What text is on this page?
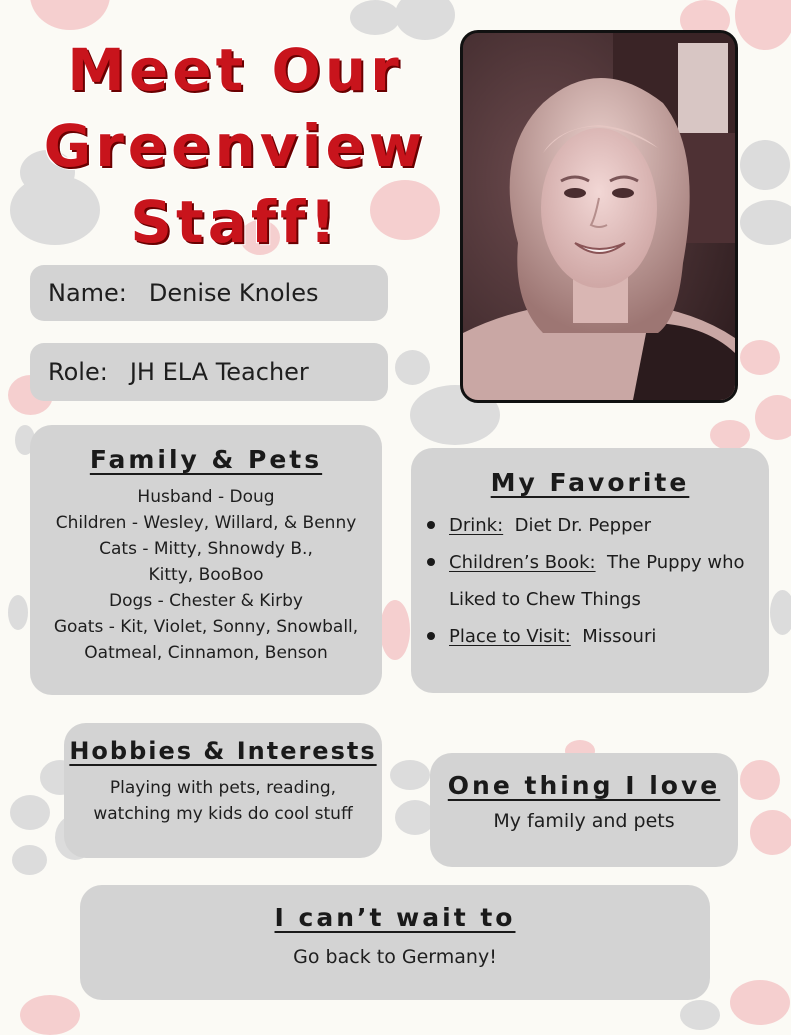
Meet Our
Greenview
Staff!
Name: Denise Knoles
Role: JH ELA Teacher
Family & Pets
Husband - Doug
Children - Wesley, Willard, & Benny
Cats - Mitty, Shnowdy B.,
Kitty, BooBoo
Dogs - Chester & Kirby
Goats - Kit, Violet, Sonny, Snowball,
Oatmeal, Cinnamon, Benson
My Favorite
Drink: Diet Dr. Pepper
Children’s Book: The Puppy who
Liked to Chew Things
Place to Visit: Missouri
Hobbies & Interests
Playing with pets, reading,
watching my kids do cool stuff
One thing I love
My family and pets
I can’t wait to
Go back to Germany!
